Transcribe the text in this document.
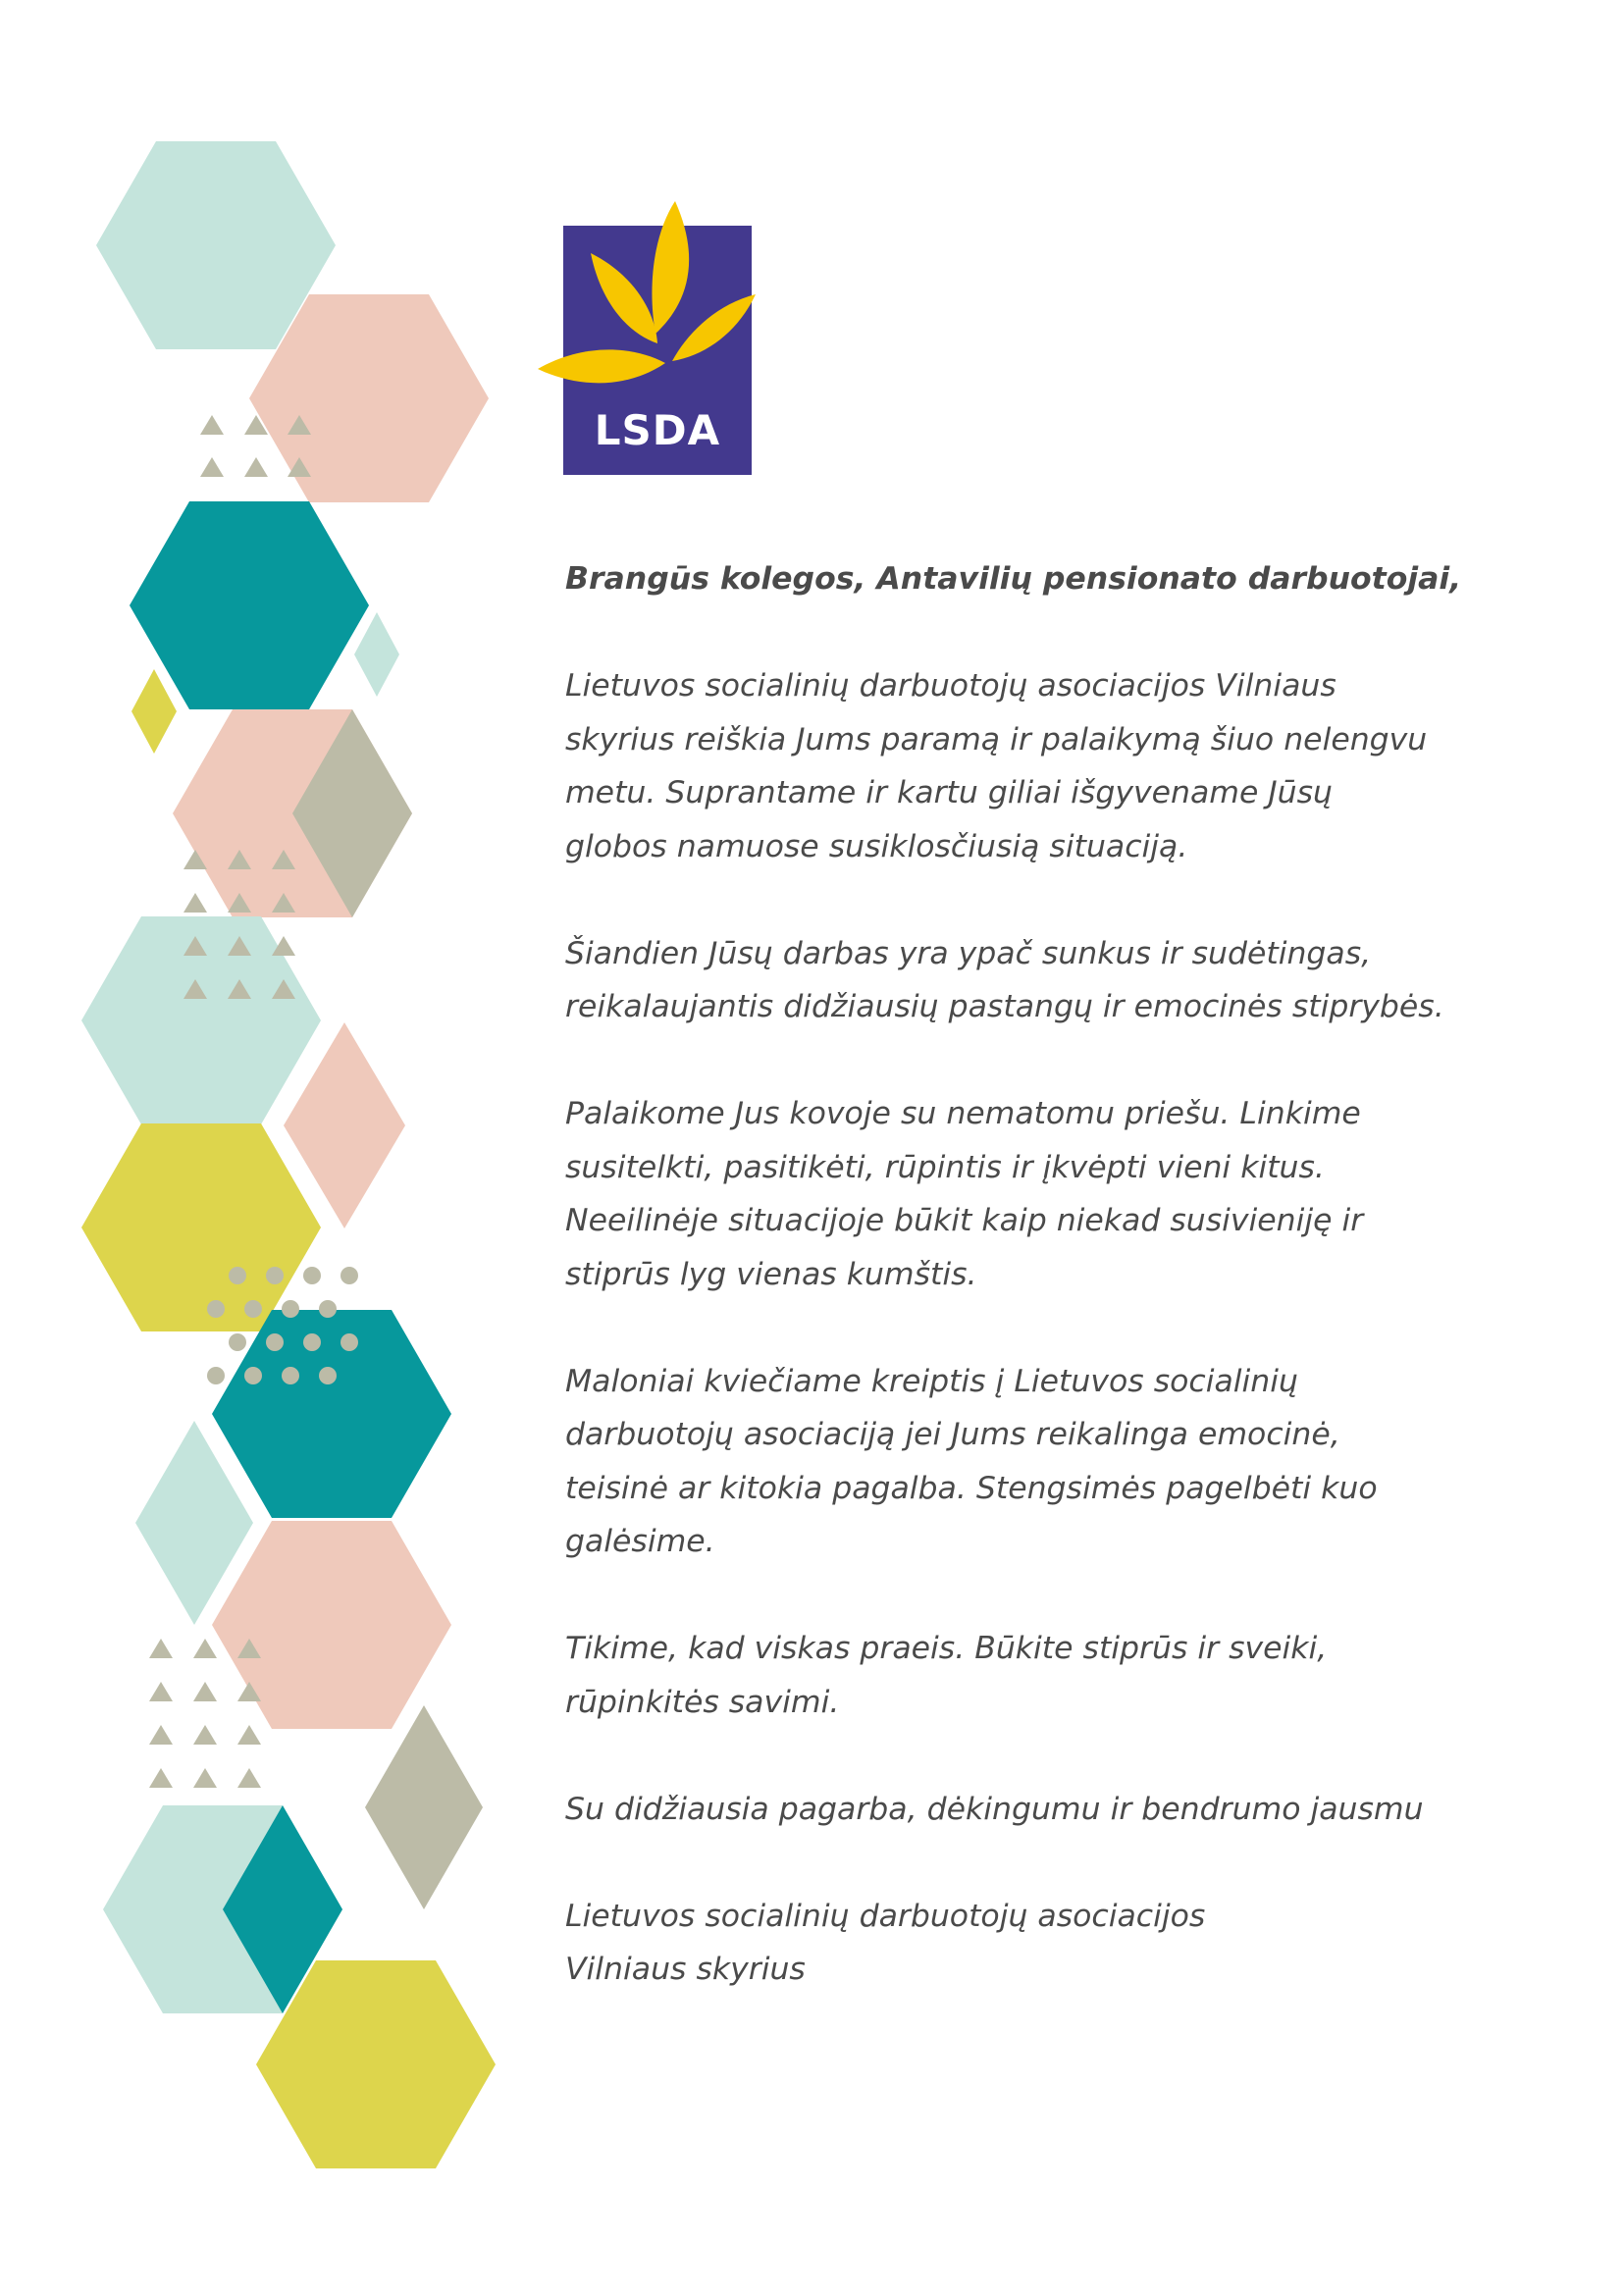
LSDA

Brangūs kolegos, Antavilių pensionato darbuotojai,

Lietuvos socialinių darbuotojų asociacijos Vilniaus
skyrius reiškia Jums paramą ir palaikymą šiuo nelengvu
metu. Suprantame ir kartu giliai išgyvename Jūsų
globos namuose susiklosčiusią situaciją.

Šiandien Jūsų darbas yra ypač sunkus ir sudėtingas,
reikalaujantis didžiausių pastangų ir emocinės stiprybės.

Palaikome Jus kovoje su nematomu priešu. Linkime
susitelkti, pasitikėti, rūpintis ir įkvėpti vieni kitus.
Neeilinėje situacijoje būkit kaip niekad susivieniję ir
stiprūs lyg vienas kumštis.

Maloniai kviečiame kreiptis į Lietuvos socialinių
darbuotojų asociaciją jei Jums reikalinga emocinė,
teisinė ar kitokia pagalba. Stengsimės pagelbėti kuo
galėsime.

Tikime, kad viskas praeis. Būkite stiprūs ir sveiki,
rūpinkitės savimi.

Su didžiausia pagarba, dėkingumu ir bendrumo jausmu

Lietuvos socialinių darbuotojų asociacijos
Vilniaus skyrius
